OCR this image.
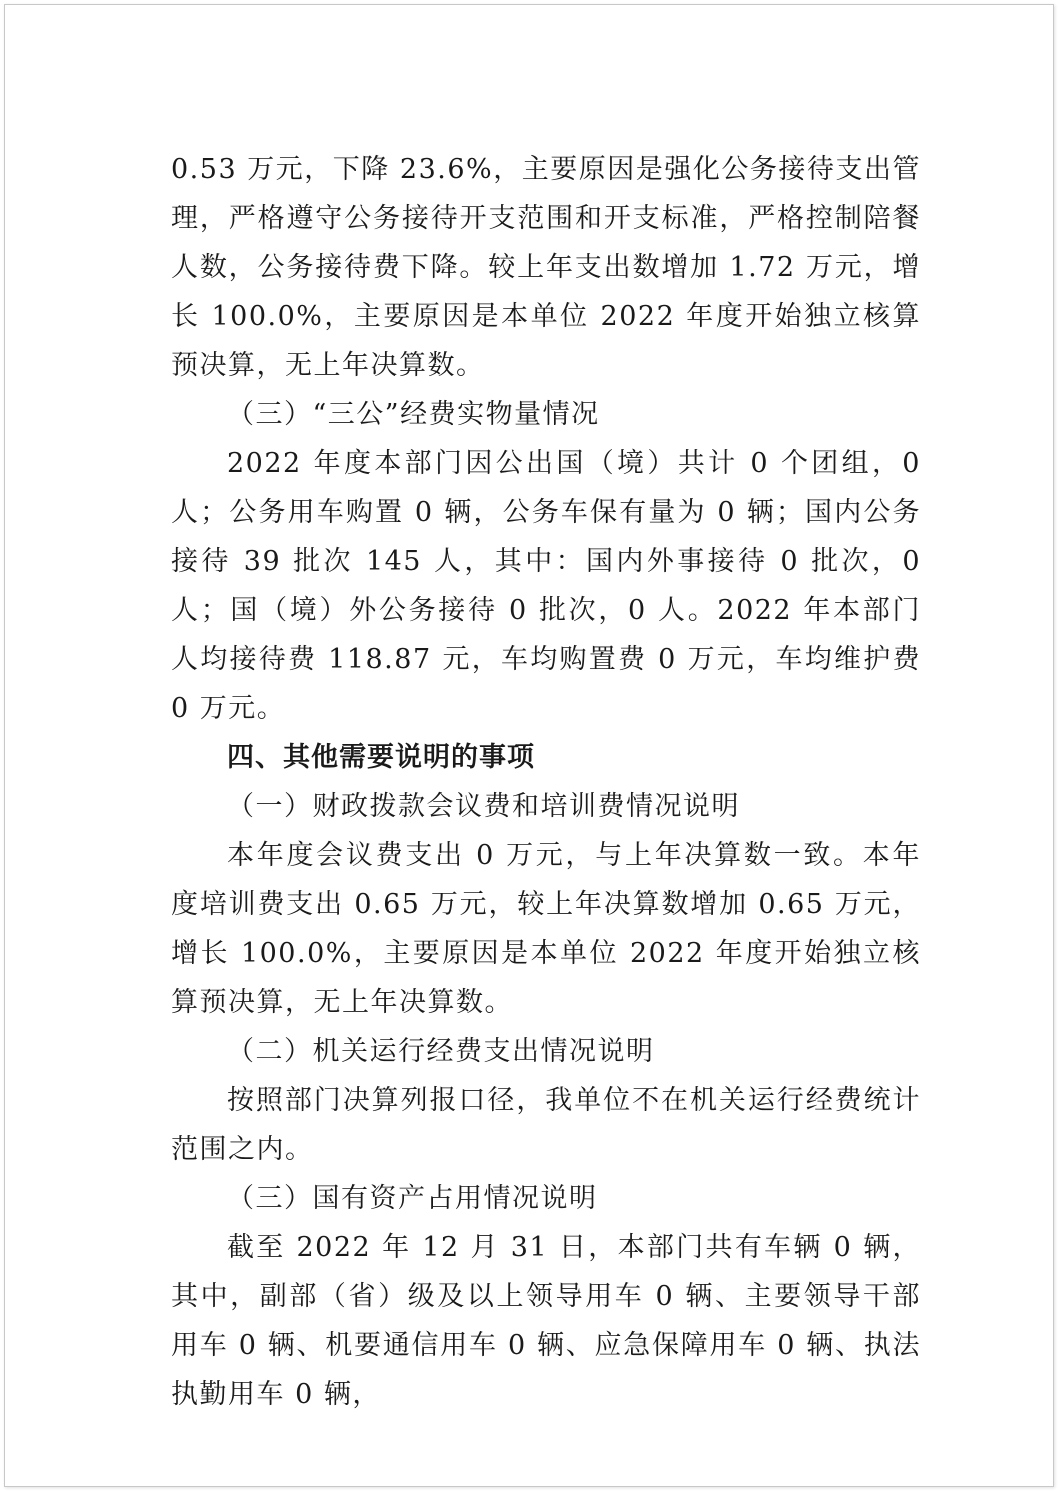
0.53 万元，下降 23.6%，主要原因是强化公务接待支出管理，严格遵守公务接待开支范围和开支标准，严格控制陪餐人数，公务接待费下降。较上年支出数增加 1.72 万元，增长 100.0%，主要原因是本单位 2022 年度开始独立核算预决算，无上年决算数。

（三）“三公”经费实物量情况

2022 年度本部门因公出国（境）共计 0 个团组，0 人；公务用车购置 0 辆，公务车保有量为 0 辆；国内公务接待 39 批次 145 人，其中：国内外事接待 0 批次，0 人；国（境）外公务接待 0 批次，0 人。2022 年本部门人均接待费 118.87 元，车均购置费 0 万元，车均维护费 0 万元。

四、其他需要说明的事项

（一）财政拨款会议费和培训费情况说明

本年度会议费支出 0 万元，与上年决算数一致。本年度培训费支出 0.65 万元，较上年决算数增加 0.65 万元，增长 100.0%，主要原因是本单位 2022 年度开始独立核算预决算，无上年决算数。

（二）机关运行经费支出情况说明

按照部门决算列报口径，我单位不在机关运行经费统计范围之内。

（三）国有资产占用情况说明

截至 2022 年 12 月 31 日，本部门共有车辆 0 辆，其中，副部（省）级及以上领导用车 0 辆、主要领导干部用车 0 辆、机要通信用车 0 辆、应急保障用车 0 辆、执法执勤用车 0 辆，
